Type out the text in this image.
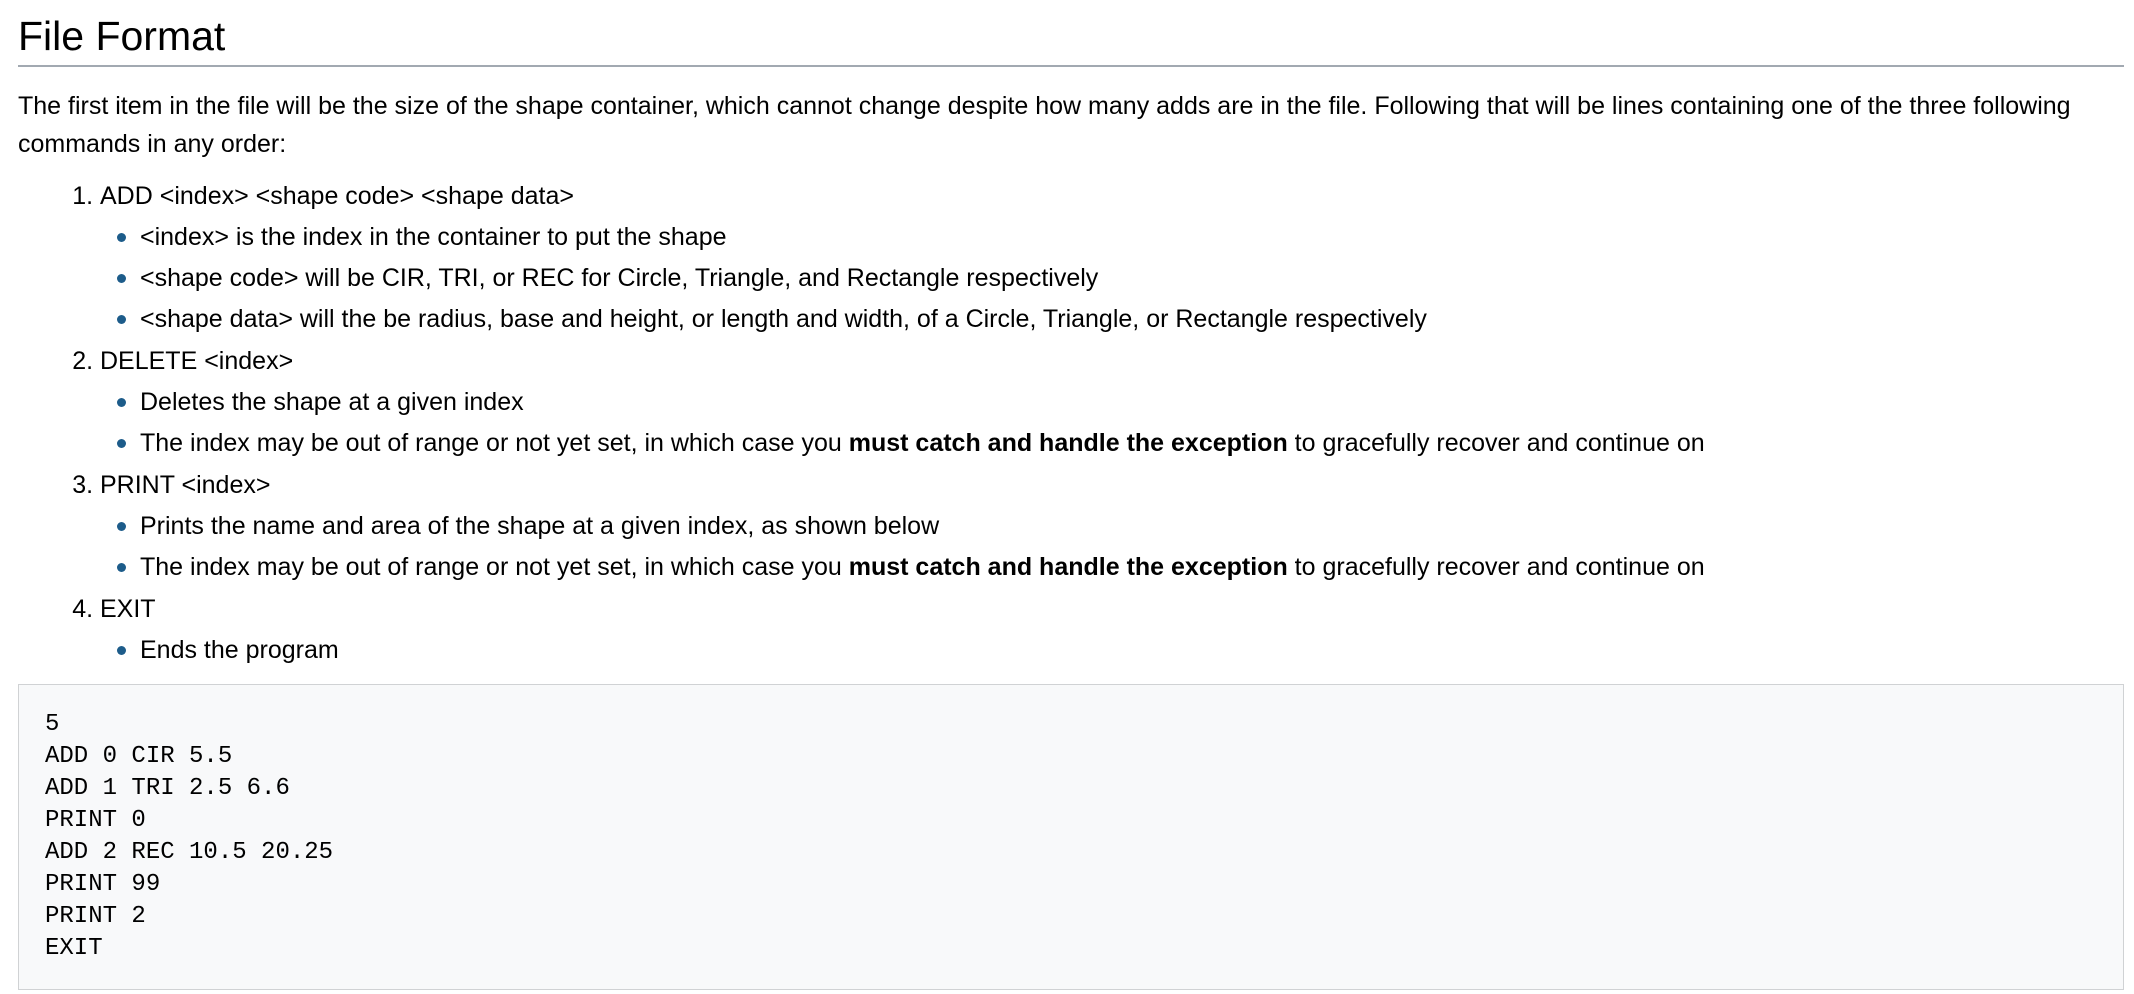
File Format

The first item in the file will be the size of the shape container, which cannot change despite how many adds are in the file. Following that will be lines containing one of the three following commands in any order:

1. ADD <index> <shape code> <shape data>
<index> is the index in the container to put the shape
<shape code> will be CIR, TRI, or REC for Circle, Triangle, and Rectangle respectively
<shape data> will the be radius, base and height, or length and width, of a Circle, Triangle, or Rectangle respectively
2. DELETE <index>
Deletes the shape at a given index
The index may be out of range or not yet set, in which case you must catch and handle the exception to gracefully recover and continue on
3. PRINT <index>
Prints the name and area of the shape at a given index, as shown below
The index may be out of range or not yet set, in which case you must catch and handle the exception to gracefully recover and continue on
4. EXIT
Ends the program
5
ADD 0 CIR 5.5
ADD 1 TRI 2.5 6.6
PRINT 0
ADD 2 REC 10.5 20.25
PRINT 99
PRINT 2
EXIT
